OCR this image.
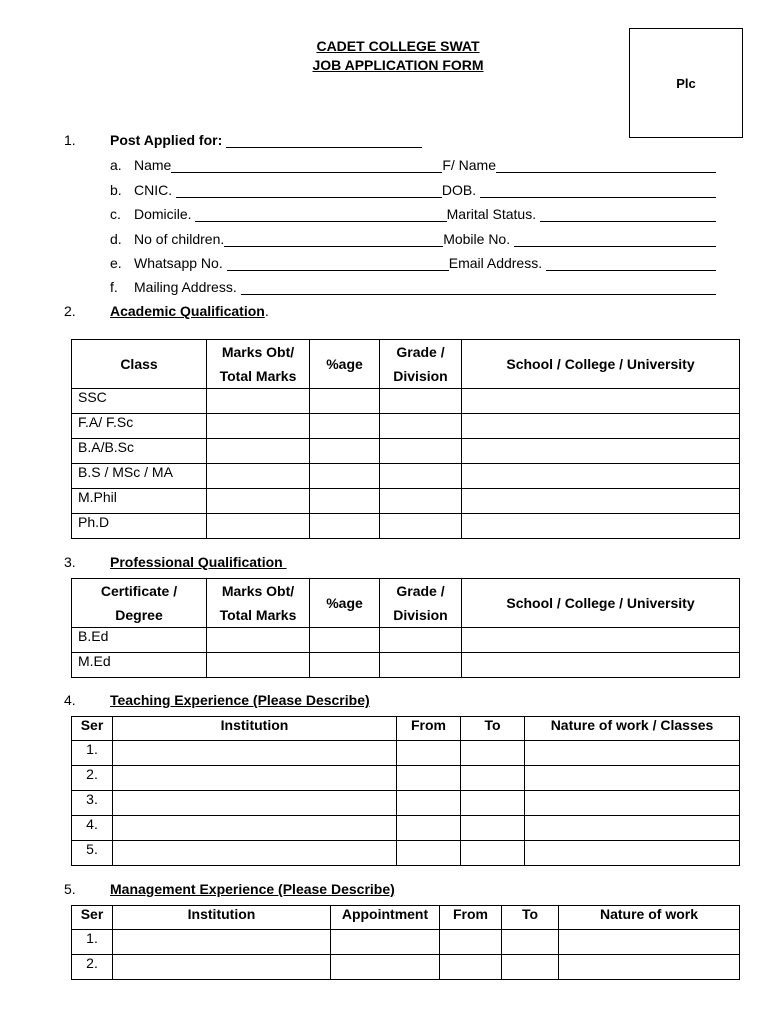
CADET COLLEGE SWAT
JOB APPLICATION FORM
Plc
1. Post Applied for:

a. Name	F/ Name
b. CNIC.	DOB.
c. Domicile.	Marital Status.
d. No of children.	Mobile No.
e. Whatsapp No.	Email Address.
f.	Mailing Address.
2. Academic Qualification.
Class	Marks Obt/ Total Marks	%age	Grade / Division	School / College / University
SSC				
F.A/ F.Sc				
B.A/B.Sc				
B.S / MSc / MA				
M.Phil				
Ph.D				
3. Professional Qualification
Certificate / Degree	Marks Obt/ Total Marks	%age	Grade / Division	School / College / University
B.Ed				
M.Ed				
4. Teaching Experience (Please Describe)
Ser	Institution	From	To	Nature of work / Classes
1.				
2.				
3.				
4.				
5.				
5. Management Experience (Please Describe)
Ser	Institution	Appointment	From	To	Nature of work
1.					
2.					
